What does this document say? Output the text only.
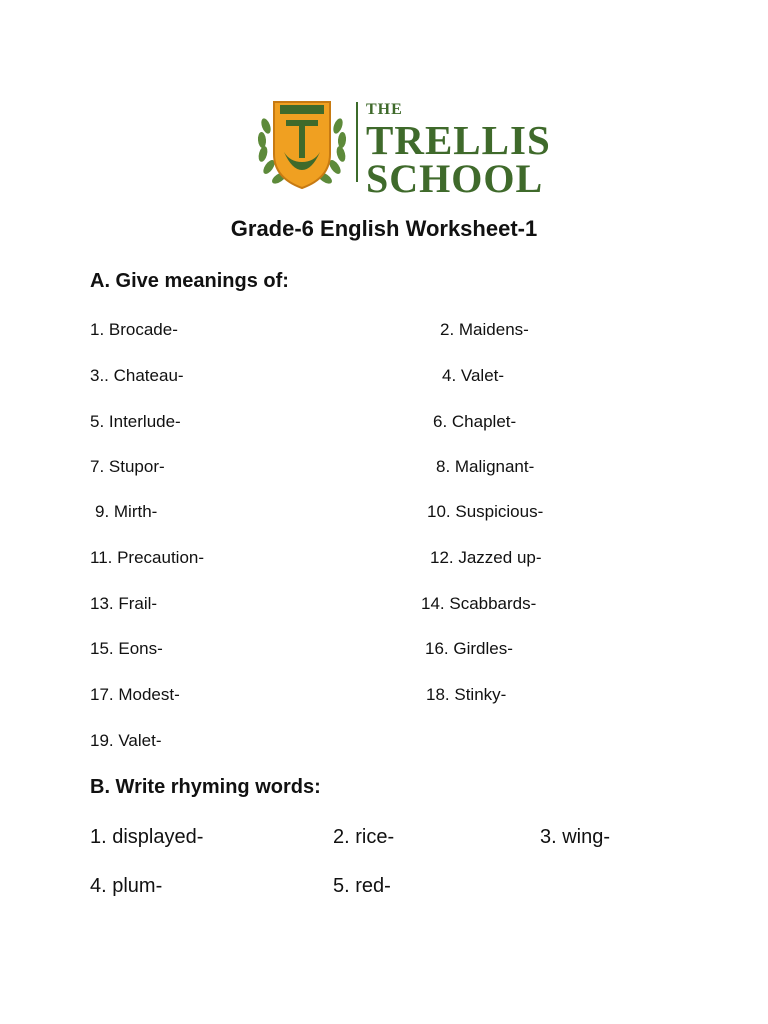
THE
TRELLIS
SCHOOL
Grade-6 English Worksheet-1
A. Give meanings of:
1. Brocade-	2. Maidens-
3.. Chateau-	4. Valet-
5. Interlude-	6. Chaplet-
7. Stupor-	8. Malignant-
9. Mirth-	10. Suspicious-
11. Precaution-	12. Jazzed up-
13. Frail-	14. Scabbards-
15. Eons-	16. Girdles-
17. Modest-	18. Stinky-
19. Valet-
B. Write rhyming words:
1. displayed-	2. rice-	3. wing-
4. plum-	5. red-
